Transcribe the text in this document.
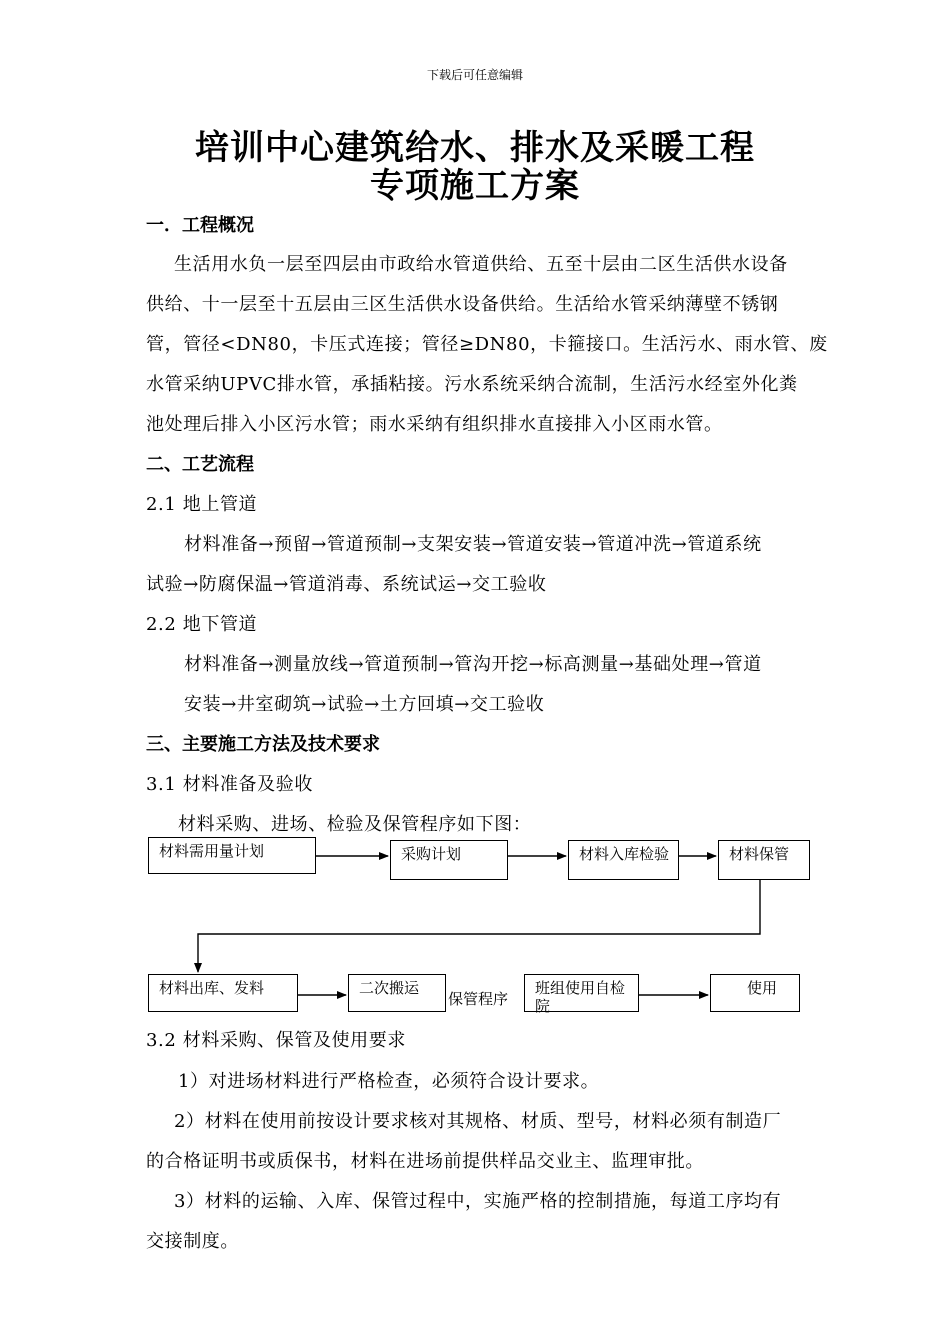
下载后可任意编辑
培训中心建筑给水、排水及采暖工程
专项施工方案
一．工程概况
生活用水负一层至四层由市政给水管道供给、五至十层由二区生活供水设备
供给、十一层至十五层由三区生活供水设备供给。生活给水管采纳薄壁不锈钢
管，管径<DN80，卡压式连接；管径≥DN80，卡箍接口。生活污水、雨水管、废
水管采纳UPVC排水管，承插粘接。污水系统采纳合流制，生活污水经室外化粪
池处理后排入小区污水管；雨水采纳有组织排水直接排入小区雨水管。
二、工艺流程
2.1 地上管道
材料准备→预留→管道预制→支架安装→管道安装→管道冲洗→管道系统
试验→防腐保温→管道消毒、系统试运→交工验收
2.2 地下管道
材料准备→测量放线→管道预制→管沟开挖→标高测量→基础处理→管道
安装→井室砌筑→试验→土方回填→交工验收
三、主要施工方法及技术要求
3.1 材料准备及验收
材料采购、进场、检验及保管程序如下图：
保管程序
材料需用量计划	采购计划	材料入库检验	材料保管
材料出库、发料	二次搬运	班组使用自检院
使用
3.2 材料采购、保管及使用要求
1）对进场材料进行严格检查，必须符合设计要求。
2）材料在使用前按设计要求核对其规格、材质、型号，材料必须有制造厂
的合格证明书或质保书，材料在进场前提供样品交业主、监理审批。
3）材料的运输、入库、保管过程中，实施严格的控制措施，每道工序均有
交接制度。
